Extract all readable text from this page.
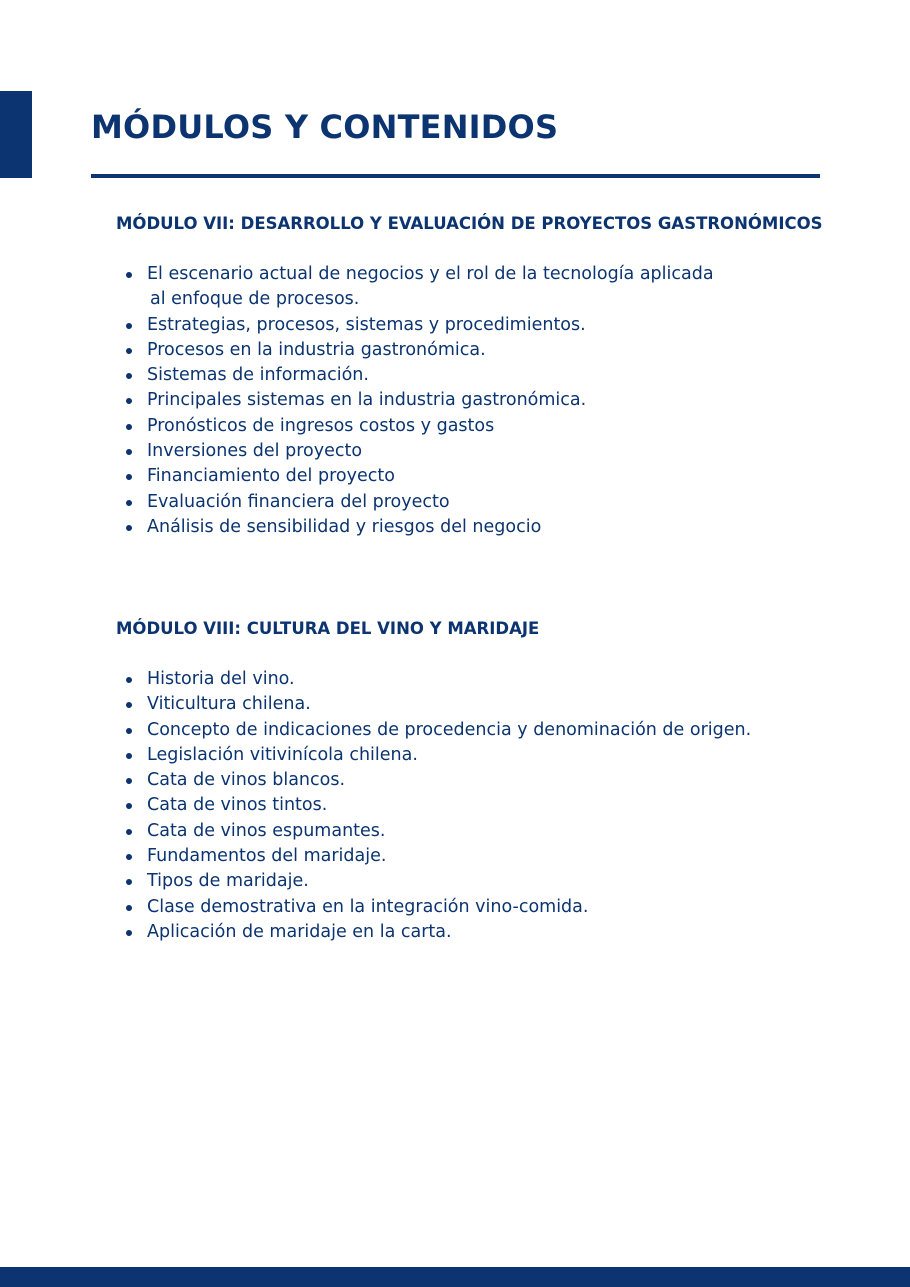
MÓDULOS Y CONTENIDOS
MÓDULO VII: DESARROLLO Y EVALUACIÓN DE PROYECTOS GASTRONÓMICOS
El escenario actual de negocios y el rol de la tecnología aplicada
al enfoque de procesos.
Estrategias, procesos, sistemas y procedimientos.
Procesos en la industria gastronómica.
Sistemas de información.
Principales sistemas en la industria gastronómica.
Pronósticos de ingresos costos y gastos
Inversiones del proyecto
Financiamiento del proyecto
Evaluación financiera del proyecto
Análisis de sensibilidad y riesgos del negocio
MÓDULO VIII: CULTURA DEL VINO Y MARIDAJE
Historia del vino.
Viticultura chilena.
Concepto de indicaciones de procedencia y denominación de origen.
Legislación vitivinícola chilena.
Cata de vinos blancos.
Cata de vinos tintos.
Cata de vinos espumantes.
Fundamentos del maridaje.
Tipos de maridaje.
Clase demostrativa en la integración vino-comida.
Aplicación de maridaje en la carta.
